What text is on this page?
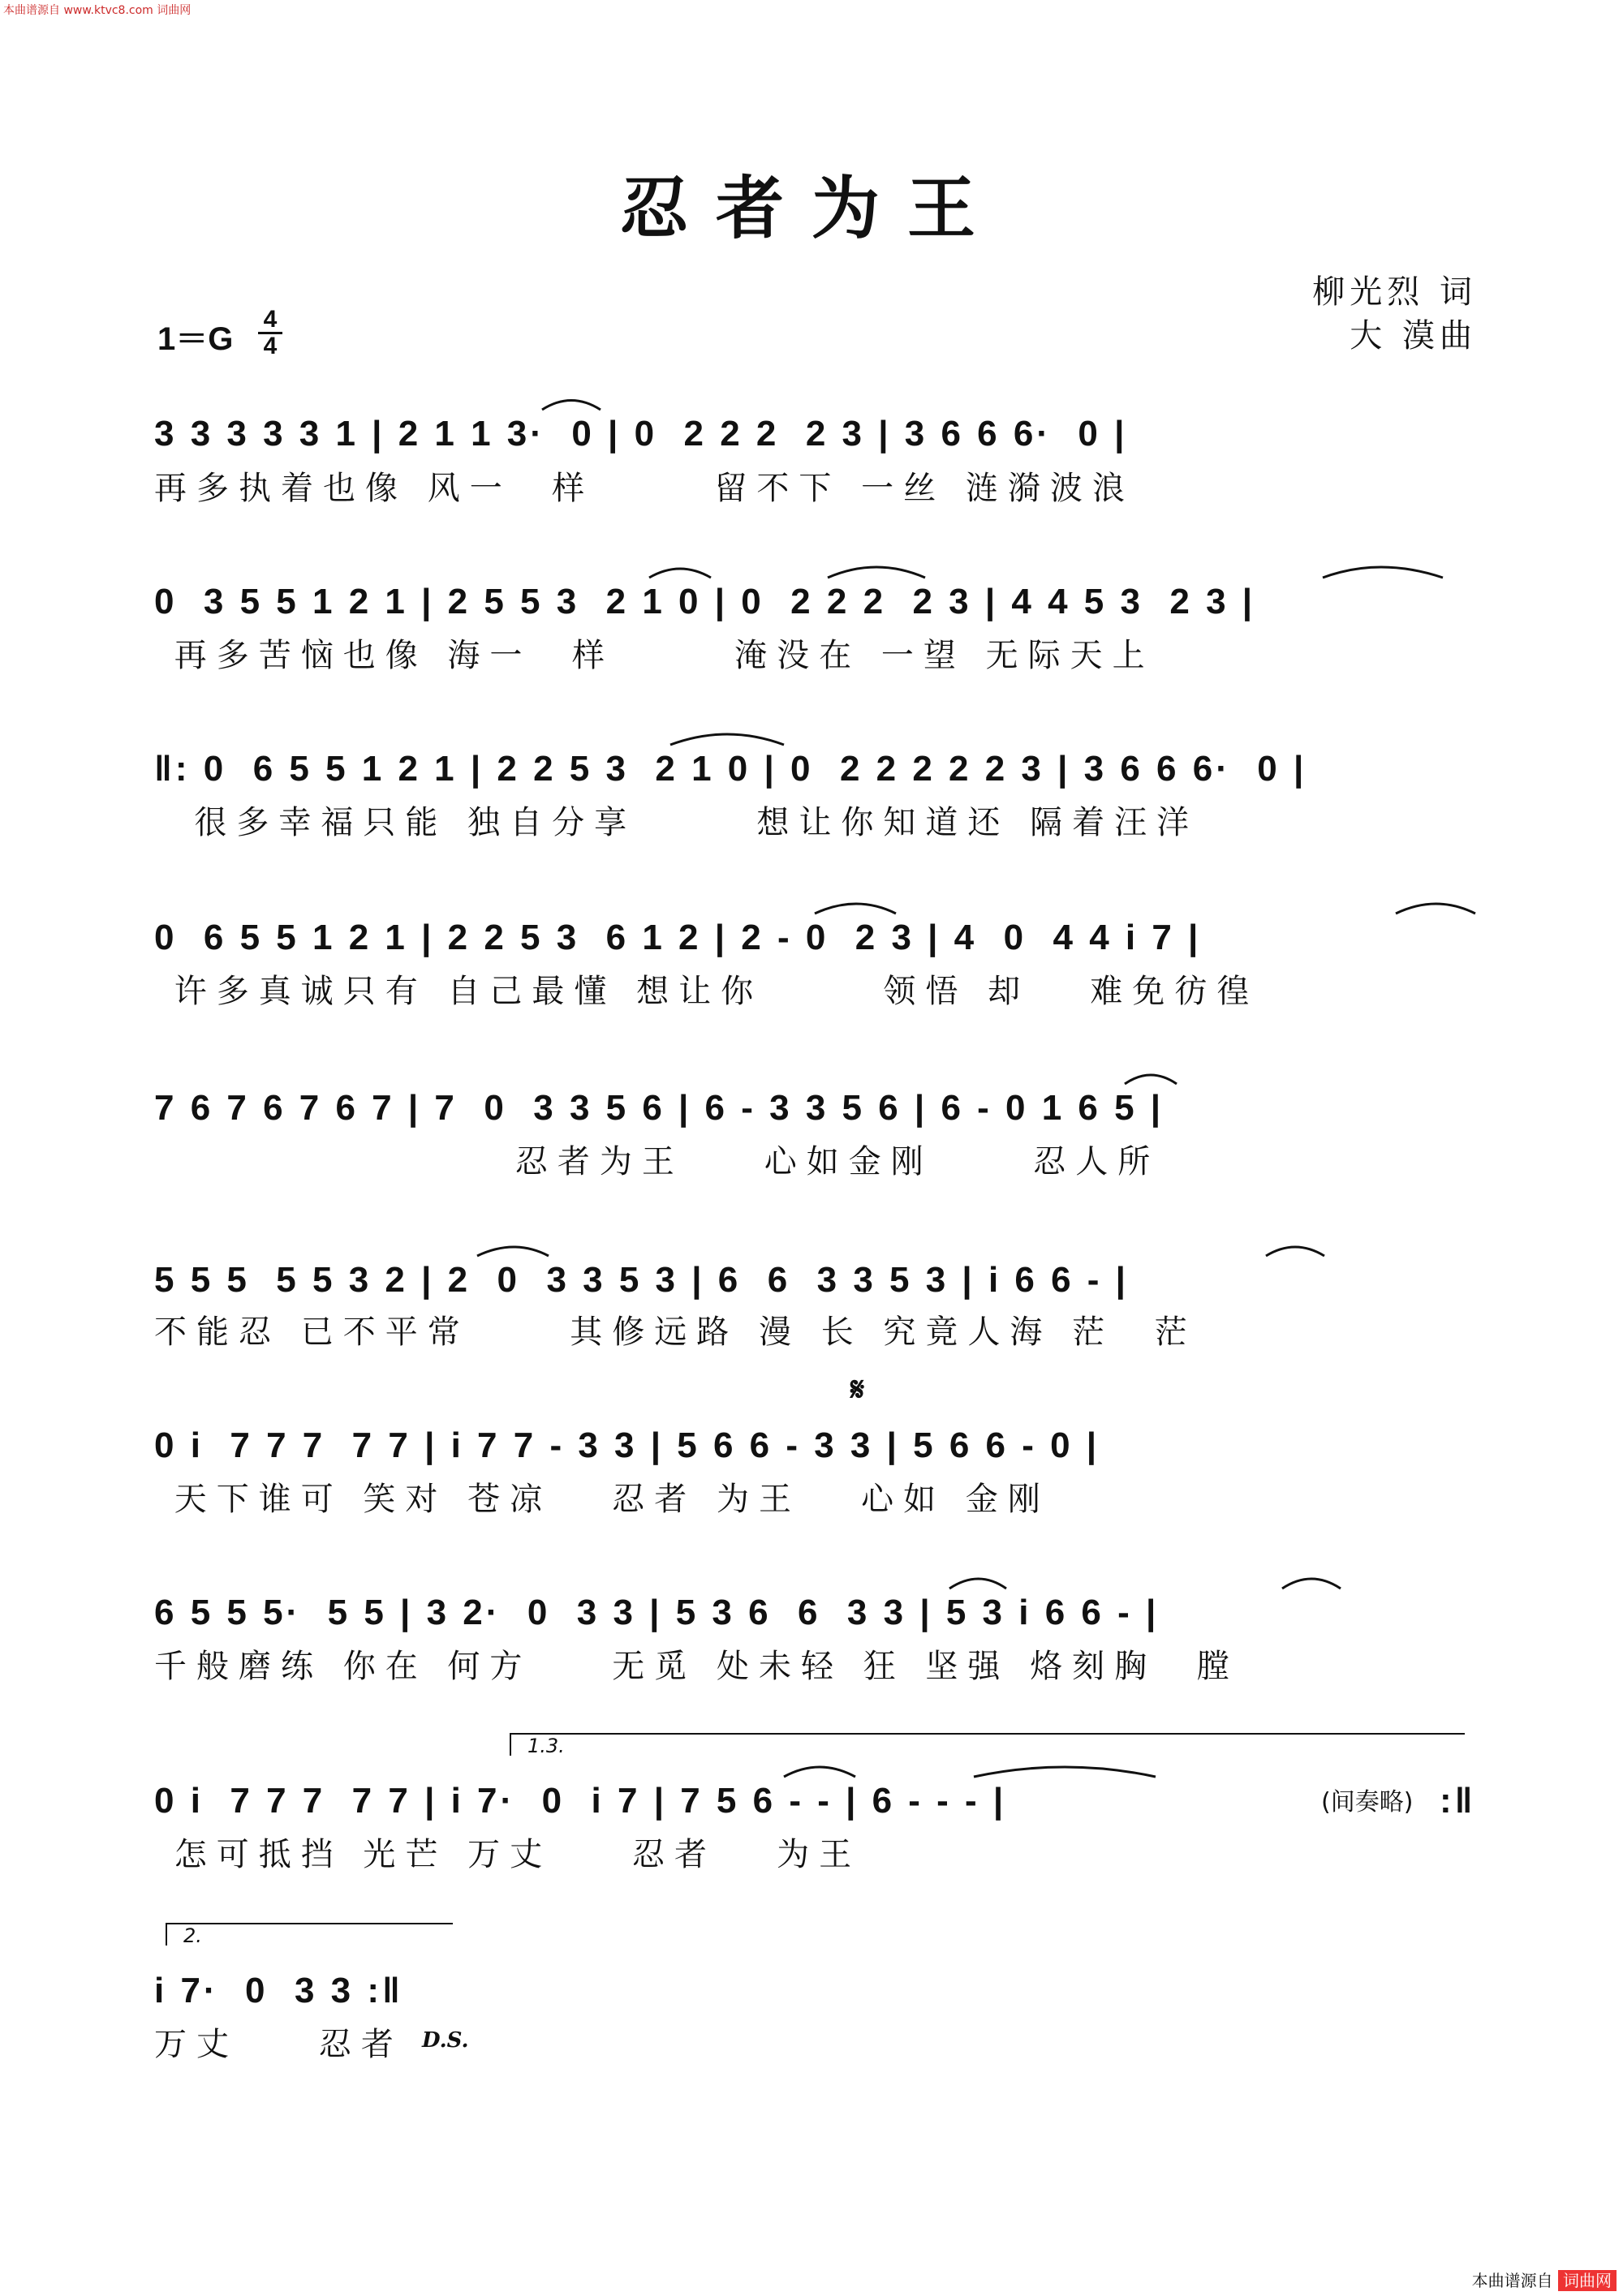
本曲谱源自 www.ktvc8.com 词曲网
忍者为王
柳光烈 词
大 漠曲
1＝G
4
4
3 3 3 3 3 1 | 2 1 1 3·  0 | 0  2 2 2  2 3 | 3 6 6 6·  0 |
再多执着也像 风一  样      留不下 一丝 涟漪波浪
0  3 5 5 1 2 1 | 2 5 5 3  2 1 0 | 0  2 2 2  2 3 | 4 4 5 3  2 3 |
再多苦恼也像 海一  样      淹没在 一望 无际天上
‖: 0  6 5 5 1 2 1 | 2 2 5 3  2 1 0 | 0  2 2 2 2 2 3 | 3 6 6 6·  0 |
很多幸福只能 独自分享      想让你知道还 隔着汪洋
0  6 5 5 1 2 1 | 2 2 5 3  6 1 2 | 2 - 0  2 3 | 4  0  4 4 i 7 |
许多真诚只有 自己最懂 想让你      领悟 却   难免彷徨
7 6 7 6 7 6 7 | 7  0  3 3 5 6 | 6 - 3 3 5 6 | 6 - 0 1 6 5 |
忍者为王    心如金刚     忍人所
5 5 5  5 5 3 2 | 2  0  3 3 5 3 | 6  6  3 3 5 3 | i 6 6 - |
不能忍 已不平常     其修远路 漫 长 究竟人海 茫  茫
𝄋
0 i  7 7 7  7 7 | i 7 7 - 3 3 | 5 6 6 - 3 3 | 5 6 6 - 0 |
天下谁可 笑对 苍凉   忍者 为王   心如 金刚
6 5 5 5·  5 5 | 3 2·  0  3 3 | 5 3 6  6  3 3 | 5 3 i 6 6 - |
千般磨练 你在 何方    无觅 处未轻 狂 坚强 烙刻胸  膛
1.3.
0 i  7 7 7  7 7 | i 7·  0  i 7 | 7 5 6 - - | 6 - - - |	(间奏略) :‖
怎可抵挡 光芒 万丈    忍者   为王
2.
i 7·  0  3 3 :‖
万丈    忍者 D.S.
本曲谱源自 词曲网
